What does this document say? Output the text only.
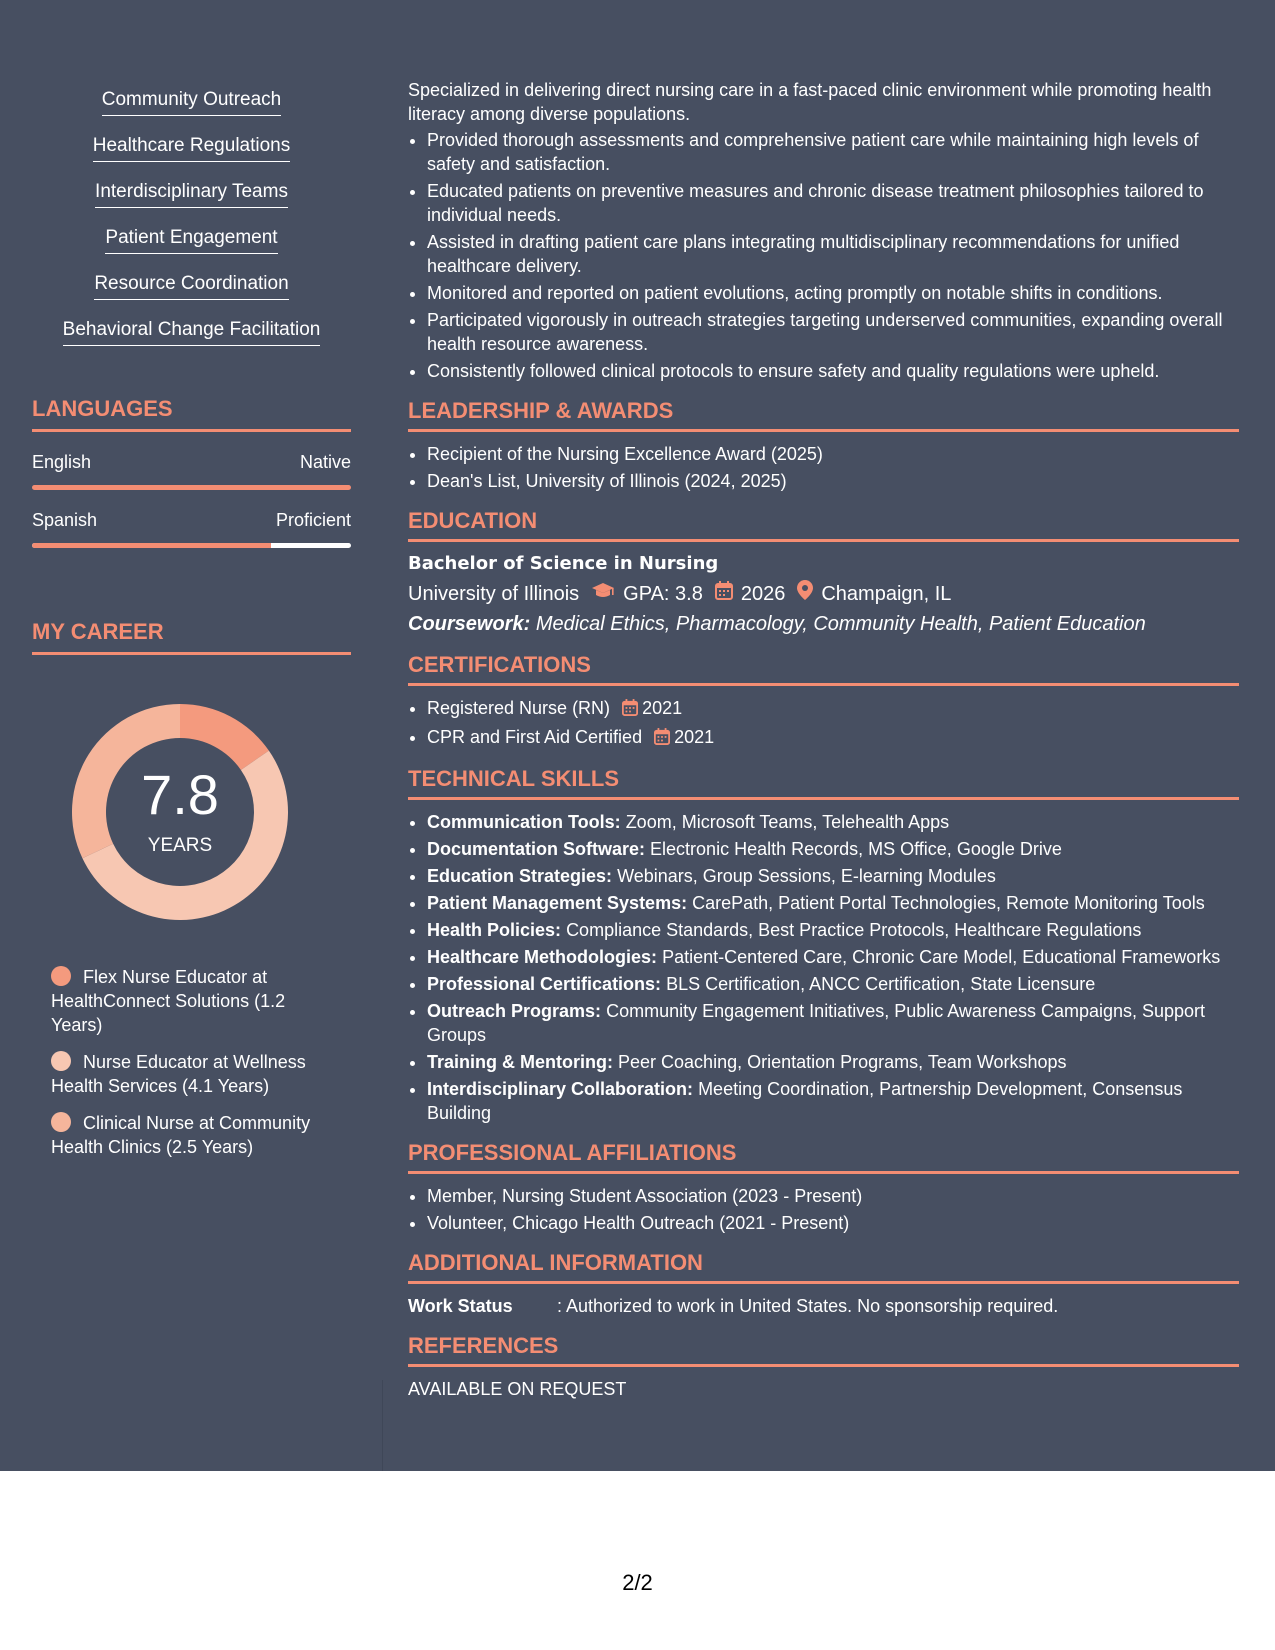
Community Outreach
Healthcare Regulations
Interdisciplinary Teams
Patient Engagement
Resource Coordination
Behavioral Change Facilitation
LANGUAGES
English	Native
Spanish	Proficient
MY CAREER
7.8
YEARS
Flex Nurse Educator at HealthConnect Solutions (1.2 Years)
Nurse Educator at Wellness Health Services (4.1 Years)
Clinical Nurse at Community Health Clinics (2.5 Years)

Specialized in delivering direct nursing care in a fast-paced clinic environment while promoting health literacy among diverse populations.

• Provided thorough assessments and comprehensive patient care while maintaining high levels of safety and satisfaction.
• Educated patients on preventive measures and chronic disease treatment philosophies tailored to individual needs.
• Assisted in drafting patient care plans integrating multidisciplinary recommendations for unified healthcare delivery.
• Monitored and reported on patient evolutions, acting promptly on notable shifts in conditions.
• Participated vigorously in outreach strategies targeting underserved communities, expanding overall health resource awareness.
• Consistently followed clinical protocols to ensure safety and quality regulations were upheld.
LEADERSHIP & AWARDS
• Recipient of the Nursing Excellence Award (2025)
• Dean's List, University of Illinois (2024, 2025)
EDUCATION
Bachelor of Science in Nursing
University of Illinois GPA: 3.8 2026 Champaign, IL
Coursework: Medical Ethics, Pharmacology, Community Health, Patient Education
CERTIFICATIONS
• Registered Nurse (RN) 2021
• CPR and First Aid Certified 2021
TECHNICAL SKILLS
• Communication Tools: Zoom, Microsoft Teams, Telehealth Apps
• Documentation Software: Electronic Health Records, MS Office, Google Drive
• Education Strategies: Webinars, Group Sessions, E-learning Modules
• Patient Management Systems: CarePath, Patient Portal Technologies, Remote Monitoring Tools
• Health Policies: Compliance Standards, Best Practice Protocols, Healthcare Regulations
• Healthcare Methodologies: Patient-Centered Care, Chronic Care Model, Educational Frameworks
• Professional Certifications: BLS Certification, ANCC Certification, State Licensure
• Outreach Programs: Community Engagement Initiatives, Public Awareness Campaigns, Support Groups
• Training & Mentoring: Peer Coaching, Orientation Programs, Team Workshops
• Interdisciplinary Collaboration: Meeting Coordination, Partnership Development, Consensus Building
PROFESSIONAL AFFILIATIONS
• Member, Nursing Student Association (2023 - Present)
• Volunteer, Chicago Health Outreach (2021 - Present)
ADDITIONAL INFORMATION
Work Status	: Authorized to work in United States. No sponsorship required.
REFERENCES
AVAILABLE ON REQUEST
2/2
